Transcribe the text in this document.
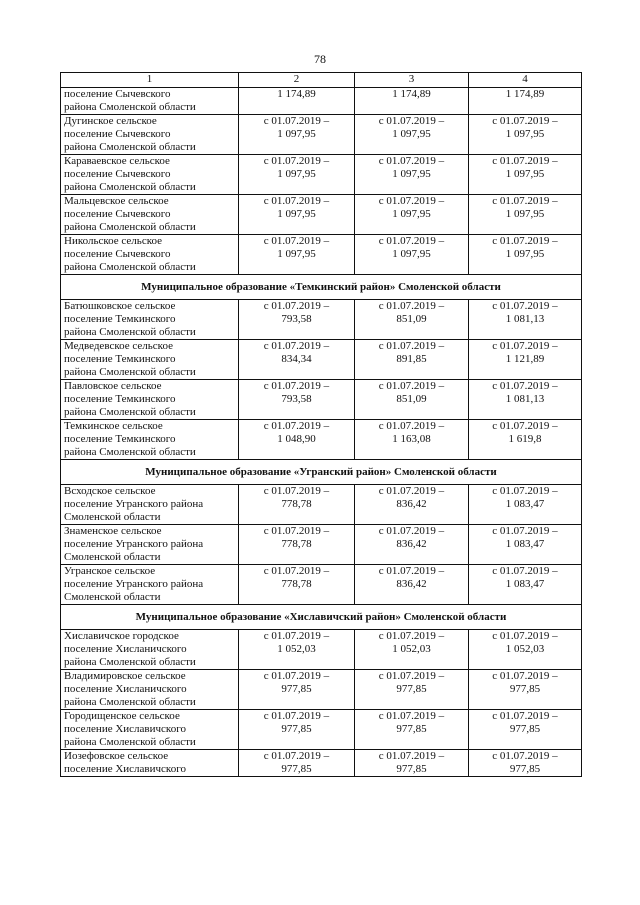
78
1	2	3	4

поселение Сычевского
района Смоленской области	1 174,89	1 174,89	1 174,89

Дугинское сельское
поселение Сычевского
района Смоленской области	с 01.07.2019 –
1 097,95	с 01.07.2019 –
1 097,95	с 01.07.2019 –
1 097,95

Караваевское сельское
поселение Сычевского
района Смоленской области	с 01.07.2019 –
1 097,95	с 01.07.2019 –
1 097,95	с 01.07.2019 –
1 097,95

Мальцевское сельское
поселение Сычевского
района Смоленской области	с 01.07.2019 –
1 097,95	с 01.07.2019 –
1 097,95	с 01.07.2019 –
1 097,95

Никольское сельское
поселение Сычевского
района Смоленской области	с 01.07.2019 –
1 097,95	с 01.07.2019 –
1 097,95	с 01.07.2019 –
1 097,95

Муниципальное образование «Темкинский район» Смоленской области			

Батюшковское сельское
поселение Темкинского
района Смоленской области	с 01.07.2019 –
793,58	с 01.07.2019 –
851,09	с 01.07.2019 –
1 081,13

Медведевское сельское
поселение Темкинского
района Смоленской области	с 01.07.2019 –
834,34	с 01.07.2019 –
891,85	с 01.07.2019 –
1 121,89

Павловское сельское
поселение Темкинского
района Смоленской области	с 01.07.2019 –
793,58	с 01.07.2019 –
851,09	с 01.07.2019 –
1 081,13

Темкинское сельское
поселение Темкинского
района Смоленской области	с 01.07.2019 –
1 048,90	с 01.07.2019 –
1 163,08	с 01.07.2019 –
1 619,8

Муниципальное образование «Угранский район» Смоленской области			

Всходское сельское
поселение Угранского района
Смоленской области	с 01.07.2019 –
778,78	с 01.07.2019 –
836,42	с 01.07.2019 –
1 083,47

Знаменское сельское
поселение Угранского района
Смоленской области	с 01.07.2019 –
778,78	с 01.07.2019 –
836,42	с 01.07.2019 –
1 083,47

Угранское сельское
поселение Угранского района
Смоленской области	с 01.07.2019 –
778,78	с 01.07.2019 –
836,42	с 01.07.2019 –
1 083,47

Муниципальное образование «Хиславичский район» Смоленской области			

Хиславичское городское
поселение Хисланичского
района Смоленской области	с 01.07.2019 –
1 052,03	с 01.07.2019 –
1 052,03	с 01.07.2019 –
1 052,03

Владимировское сельское
поселение Хисланичского
района Смоленской области	с 01.07.2019 –
977,85	с 01.07.2019 –
977,85	с 01.07.2019 –
977,85

Городищенское сельское
поселение Хиславичского
района Смоленской области	с 01.07.2019 –
977,85	с 01.07.2019 –
977,85	с 01.07.2019 –
977,85

Иозефовское сельское
поселение Хиславичского	с 01.07.2019 –
977,85	с 01.07.2019 –
977,85	с 01.07.2019 –
977,85
